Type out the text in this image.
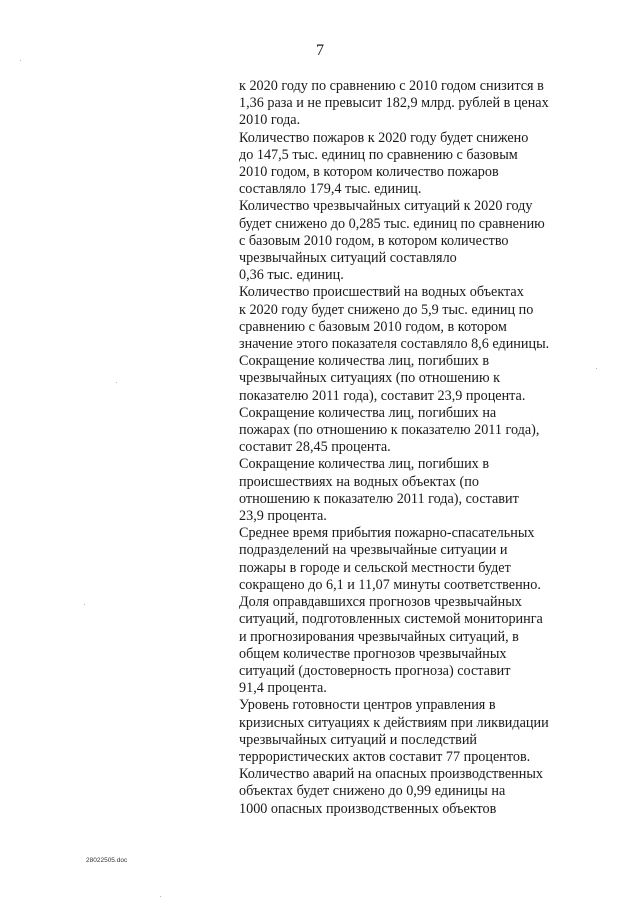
7
к 2020 году по сравнению с 2010 годом снизится в
1,36 раза и не превысит 182,9 млрд. рублей в ценах
2010 года.
Количество пожаров к 2020 году будет снижено
до 147,5 тыс. единиц по сравнению с базовым
2010 годом, в котором количество пожаров
составляло 179,4 тыс. единиц.
Количество чрезвычайных ситуаций к 2020 году
будет снижено до 0,285 тыс. единиц по сравнению
с базовым 2010 годом, в котором количество
чрезвычайных ситуаций составляло
0,36 тыс. единиц.
Количество происшествий на водных объектах
к 2020 году будет снижено до 5,9 тыс. единиц по
сравнению с базовым 2010 годом, в котором
значение этого показателя составляло 8,6 единицы.
Сокращение количества лиц, погибших в
чрезвычайных ситуациях (по отношению к
показателю 2011 года), составит 23,9 процента.
Сокращение количества лиц, погибших на
пожарах (по отношению к показателю 2011 года),
составит 28,45 процента.
Сокращение количества лиц, погибших в
происшествиях на водных объектах (по
отношению к показателю 2011 года), составит
23,9 процента.
Среднее время прибытия пожарно-спасательных
подразделений на чрезвычайные ситуации и
пожары в городе и сельской местности будет
сокращено до 6,1 и 11,07 минуты соответственно.
Доля оправдавшихся прогнозов чрезвычайных
ситуаций, подготовленных системой мониторинга
и прогнозирования чрезвычайных ситуаций, в
общем количестве прогнозов чрезвычайных
ситуаций (достоверность прогноза) составит
91,4 процента.
Уровень готовности центров управления в
кризисных ситуациях к действиям при ликвидации
чрезвычайных ситуаций и последствий
террористических актов составит 77 процентов.
Количество аварий на опасных производственных
объектах будет снижено до 0,99 единицы на
1000 опасных производственных объектов
28022505.doc
